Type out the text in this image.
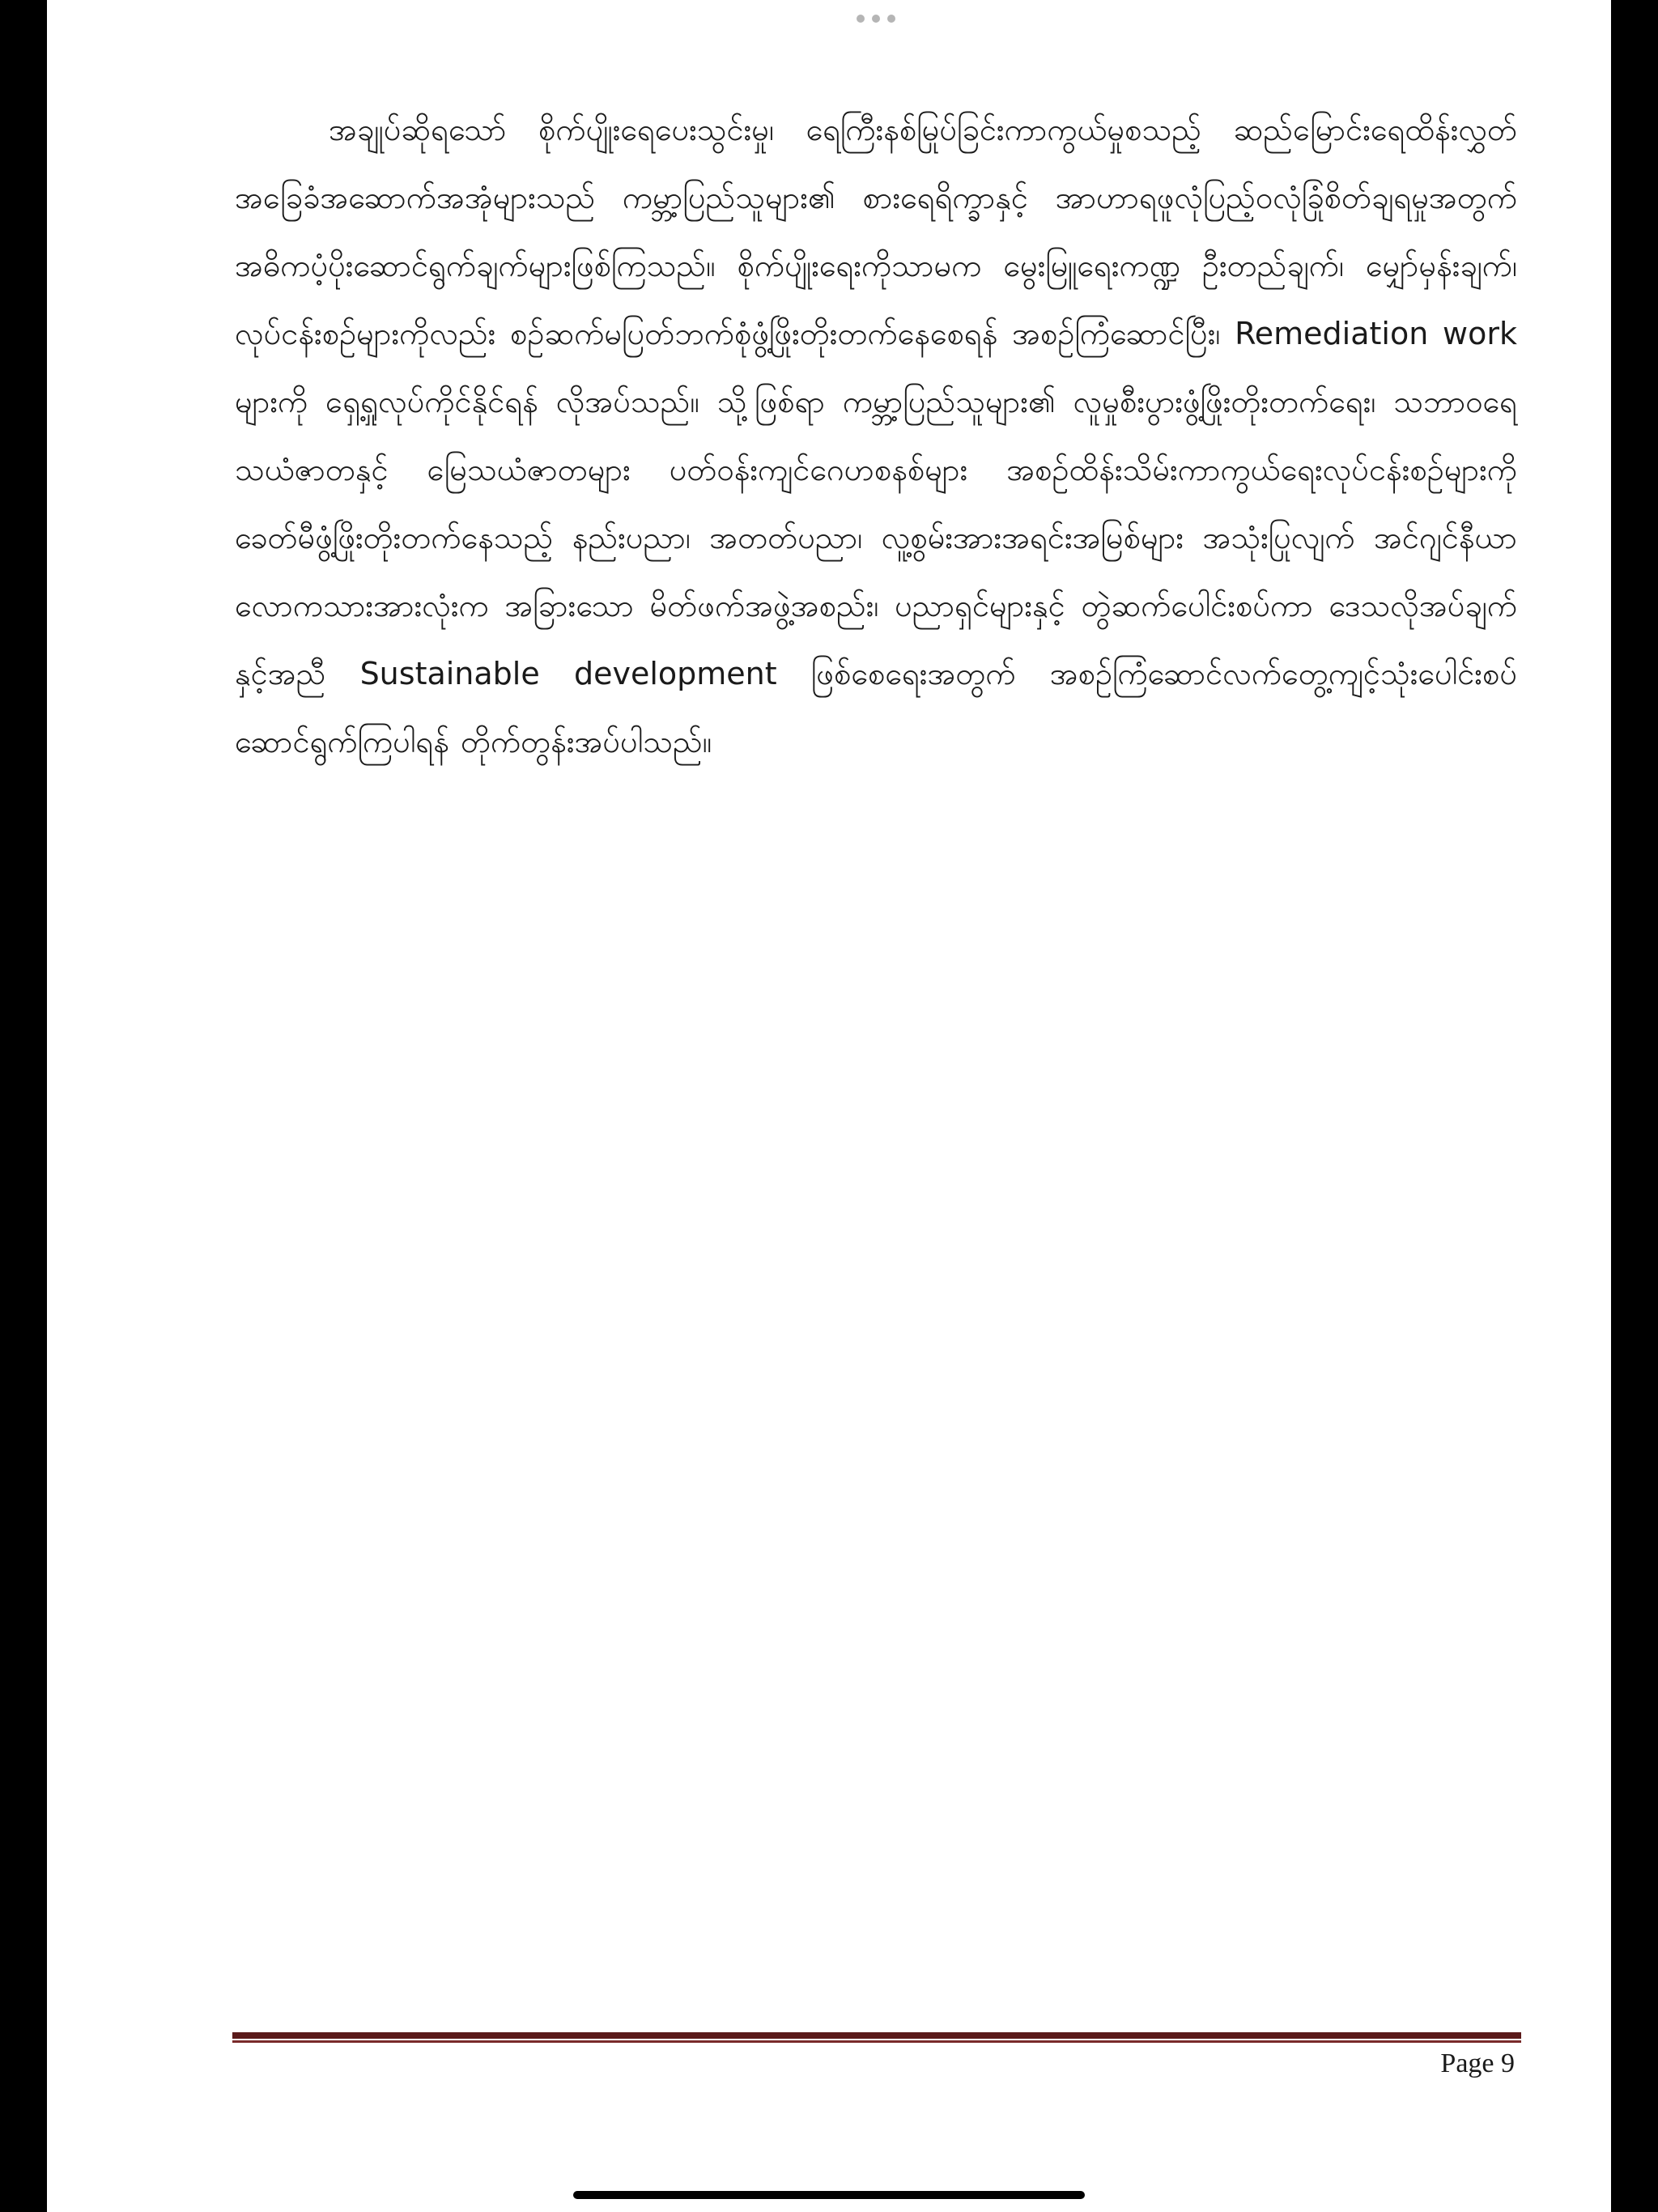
အချုပ်ဆိုရသော် စိုက်ပျိုးရေပေးသွင်းမှု၊ ရေကြီးနစ်မြုပ်ခြင်းကာကွယ်မှုစသည့် ဆည်မြောင်းရေထိန်းလွှတ်အခြေခံအဆောက်အအုံများသည် ကမ္ဘာ့ပြည်သူများ၏ စားရေရိက္ခာနှင့် အာဟာရဖူလုံပြည့်ဝလုံခြုံစိတ်ချရမှုအတွက် အဓိကပံ့ပိုးဆောင်ရွက်ချက်များဖြစ်ကြသည်။ စိုက်ပျိုးရေးကိုသာမက မွေးမြူရေးကဏ္ဍ ဦးတည်ချက်၊ မျှော်မှန်းချက်၊ လုပ်ငန်းစဉ်များကိုလည်း စဉ်ဆက်မပြတ်ဘက်စုံဖွံ့ဖြိုးတိုးတက်နေစေရန် အစဉ်ကြံဆောင်ပြီး၊ Remediation work များကို ရှေ့ရှုလုပ်ကိုင်နိုင်ရန် လိုအပ်သည်။ သို့ဖြစ်ရာ ကမ္ဘာ့ပြည်သူများ၏ လူမှုစီးပွားဖွံ့ဖြိုးတိုးတက်ရေး၊ သဘာဝရေသယံဇာတနှင့် မြေသယံဇာတများ ပတ်ဝန်းကျင်ဂေဟစနစ်များ အစဉ်ထိန်းသိမ်းကာကွယ်ရေးလုပ်ငန်းစဉ်များကို ခေတ်မီဖွံ့ဖြိုးတိုးတက်နေသည့် နည်းပညာ၊ အတတ်ပညာ၊ လူ့စွမ်းအားအရင်းအမြစ်များ အသုံးပြုလျက် အင်ဂျင်နီယာလောကသားအားလုံးက အခြားသော မိတ်ဖက်အဖွဲ့အစည်း၊ ပညာရှင်များနှင့် တွဲဆက်ပေါင်းစပ်ကာ ဒေသလိုအပ်ချက်နှင့်အညီ Sustainable development ဖြစ်စေရေးအတွက် အစဉ်ကြံဆောင်လက်တွေ့ကျင့်သုံးပေါင်းစပ် ဆောင်ရွက်ကြပါရန် တိုက်တွန်းအပ်ပါသည်။

Page 9
